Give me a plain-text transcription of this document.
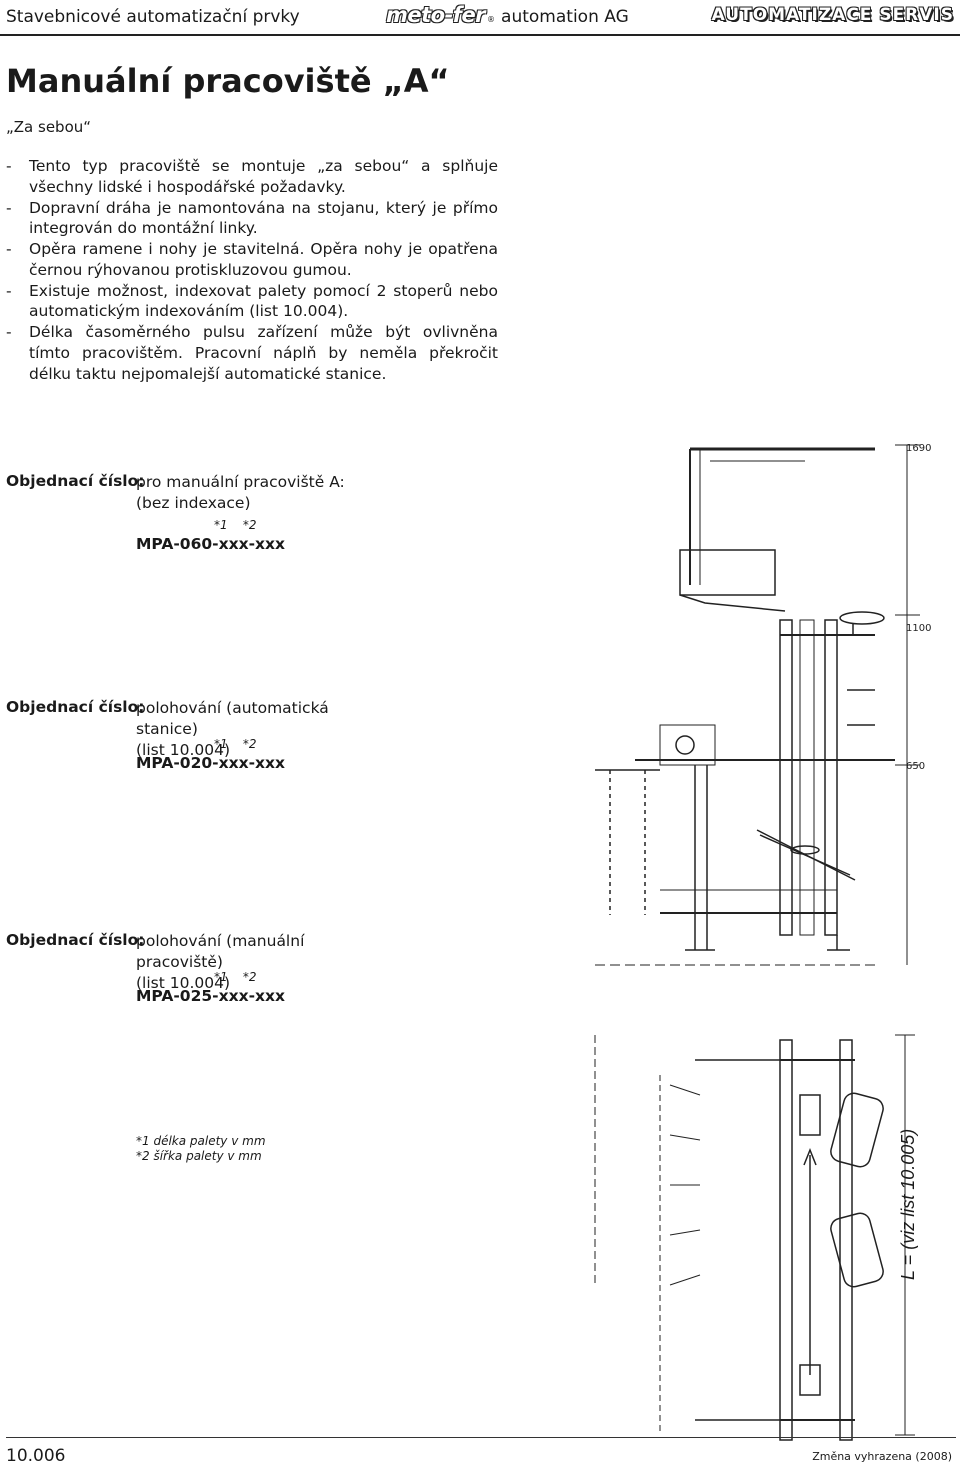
Stavebnicové automatizační prvky	meto-fer ® automation AG	AUTOMATIZACE SERVIS
Manuální pracoviště „A“
„Za sebou“
- Tento typ pracoviště se montuje „za sebou“ a splňuje všechny lidské i hospodářské požadavky.
- Dopravní dráha je namontována na stojanu, který je přímo integrován do montážní linky.
- Opěra ramene i nohy je stavitelná. Opěra nohy je opatřena černou rýhovanou protiskluzovou gumou.
- Existuje možnost, indexovat palety pomocí 2 stoperů nebo automatickým indexováním (list 10.004).
- Délka časoměrného pulsu zařízení může být ovlivněna tímto pracovištěm. Pracovní náplň by neměla překročit délku taktu nejpomalejší automatické stanice.
Objednací číslo:
pro manuální pracoviště A:
(bez indexace)
*1    *2
MPA-060-xxx-xxx
Objednací číslo:
polohování (automatická stanice)
(list 10.004)
*1    *2
MPA-020-xxx-xxx
Objednací číslo:
polohování (manuální pracoviště)
(list 10.004)
*1    *2
MPA-025-xxx-xxx
*1 délka palety v mm
*2 šířka palety v mm
1690
1100
650
L = (viz list 10.005)
10.006	Změna vyhrazena (2008)
